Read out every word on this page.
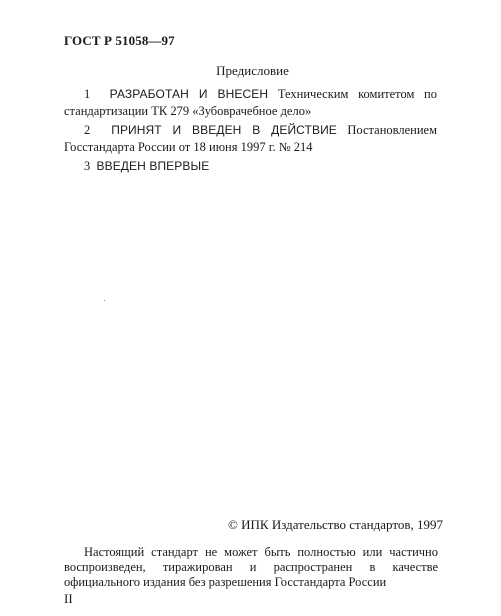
ГОСТ Р 51058—97
Предисловие

1 РАЗРАБОТАН И ВНЕСЕН Техническим комитетом по стандартизации ТК 279 «Зубоврачебное дело»

2 ПРИНЯТ И ВВЕДЕН В ДЕЙСТВИЕ Постановлением Госстандарта России от 18 июня 1997 г. № 214

3 ВВЕДЕН ВПЕРВЫЕ

© ИПК Издательство стандартов, 1997
Настоящий стандарт не может быть полностью или частично воспроизведен, тиражирован и распространен в качестве официального издания без разрешения Госстандарта России
II
